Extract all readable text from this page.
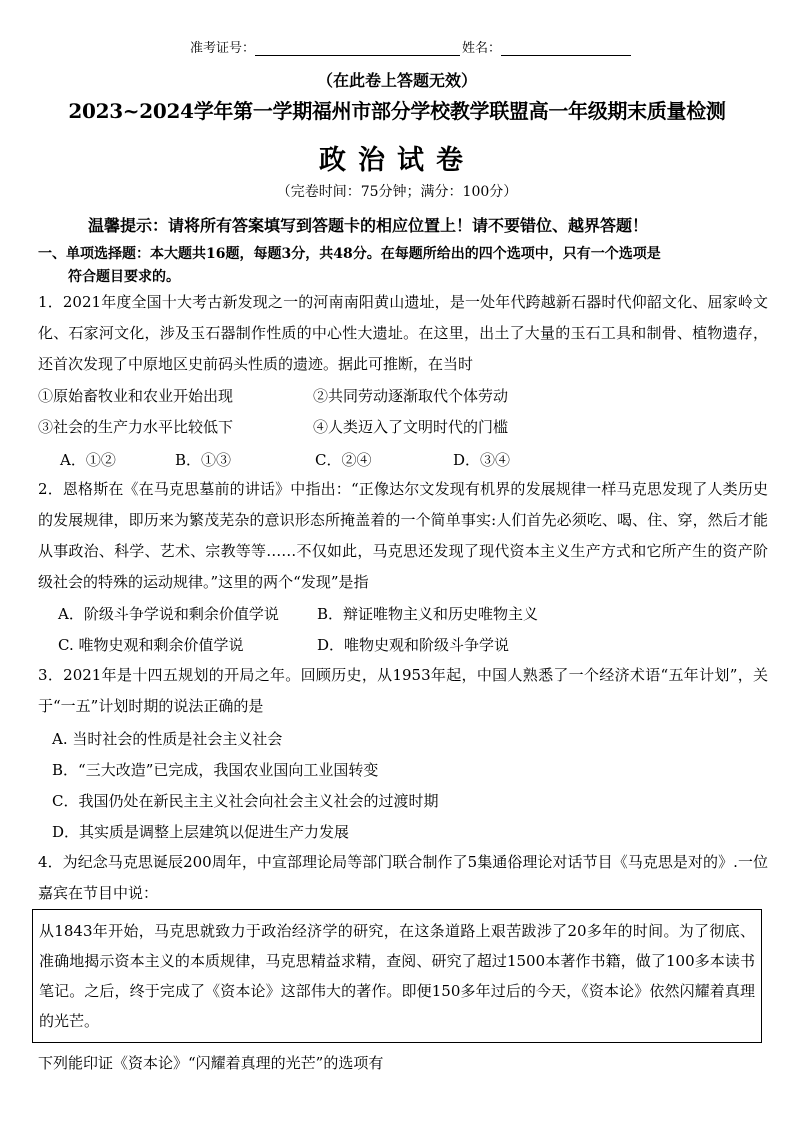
准考证号：	姓名：
（在此卷上答题无效）
2023~2024学年第一学期福州市部分学校教学联盟高一年级期末质量检测
政治试卷
（完卷时间：75分钟；满分：100分）
温馨提示：请将所有答案填写到答题卡的相应位置上！请不要错位、越界答题！
一、单项选择题：本大题共16题，每题3分，共48分。在每题所给出的四个选项中，只有一个选项是
符合题目要求的。
1．2021年度全国十大考古新发现之一的河南南阳黄山遗址，是一处年代跨越新石器时代仰韶文化、屈家岭文化、石家河文化，涉及玉石器制作性质的中心性大遗址。在这里，出土了大量的玉石工具和制骨、植物遗存，还首次发现了中原地区史前码头性质的遗迹。据此可推断，在当时
①原始畜牧业和农业开始出现	②共同劳动逐渐取代个体劳动
③社会的生产力水平比较低下	④人类迈入了文明时代的门槛
A．①②	B．①③	C．②④	D．③④
2．恩格斯在《在马克思墓前的讲话》中指出：“正像达尔文发现有机界的发展规律一样马克思发现了人类历史的发展规律，即历来为繁茂芜杂的意识形态所掩盖着的一个简单事实:人们首先必须吃、喝、住、穿，然后才能从事政治、科学、艺术、宗教等等……不仅如此，马克思还发现了现代资本主义生产方式和它所产生的资产阶级社会的特殊的运动规律。”这里的两个“发现”是指
A．阶级斗争学说和剩余价值学说	B．辩证唯物主义和历史唯物主义
C. 唯物史观和剩余价值学说	D．唯物史观和阶级斗争学说
3．2021年是十四五规划的开局之年。回顾历史，从1953年起，中国人熟悉了一个经济术语“五年计划”，关于“一五”计划时期的说法正确的是
A. 当时社会的性质是社会主义社会
B．“三大改造”已完成，我国农业国向工业国转变
C．我国仍处在新民主主义社会向社会主义社会的过渡时期
D．其实质是调整上层建筑以促进生产力发展
4．为纪念马克思诞辰200周年，中宣部理论局等部门联合制作了5集通俗理论对话节目《马克思是对的》.一位嘉宾在节目中说：
从1843年开始，马克思就致力于政治经济学的研究，在这条道路上艰苦跋涉了20多年的时间。为了彻底、准确地揭示资本主义的本质规律，马克思精益求精，查阅、研究了超过1500本著作书籍，做了100多本读书笔记。之后，终于完成了《资本论》这部伟大的著作。即便150多年过后的今天，《资本论》依然闪耀着真理的光芒。
下列能印证《资本论》“闪耀着真理的光芒”的选项有
